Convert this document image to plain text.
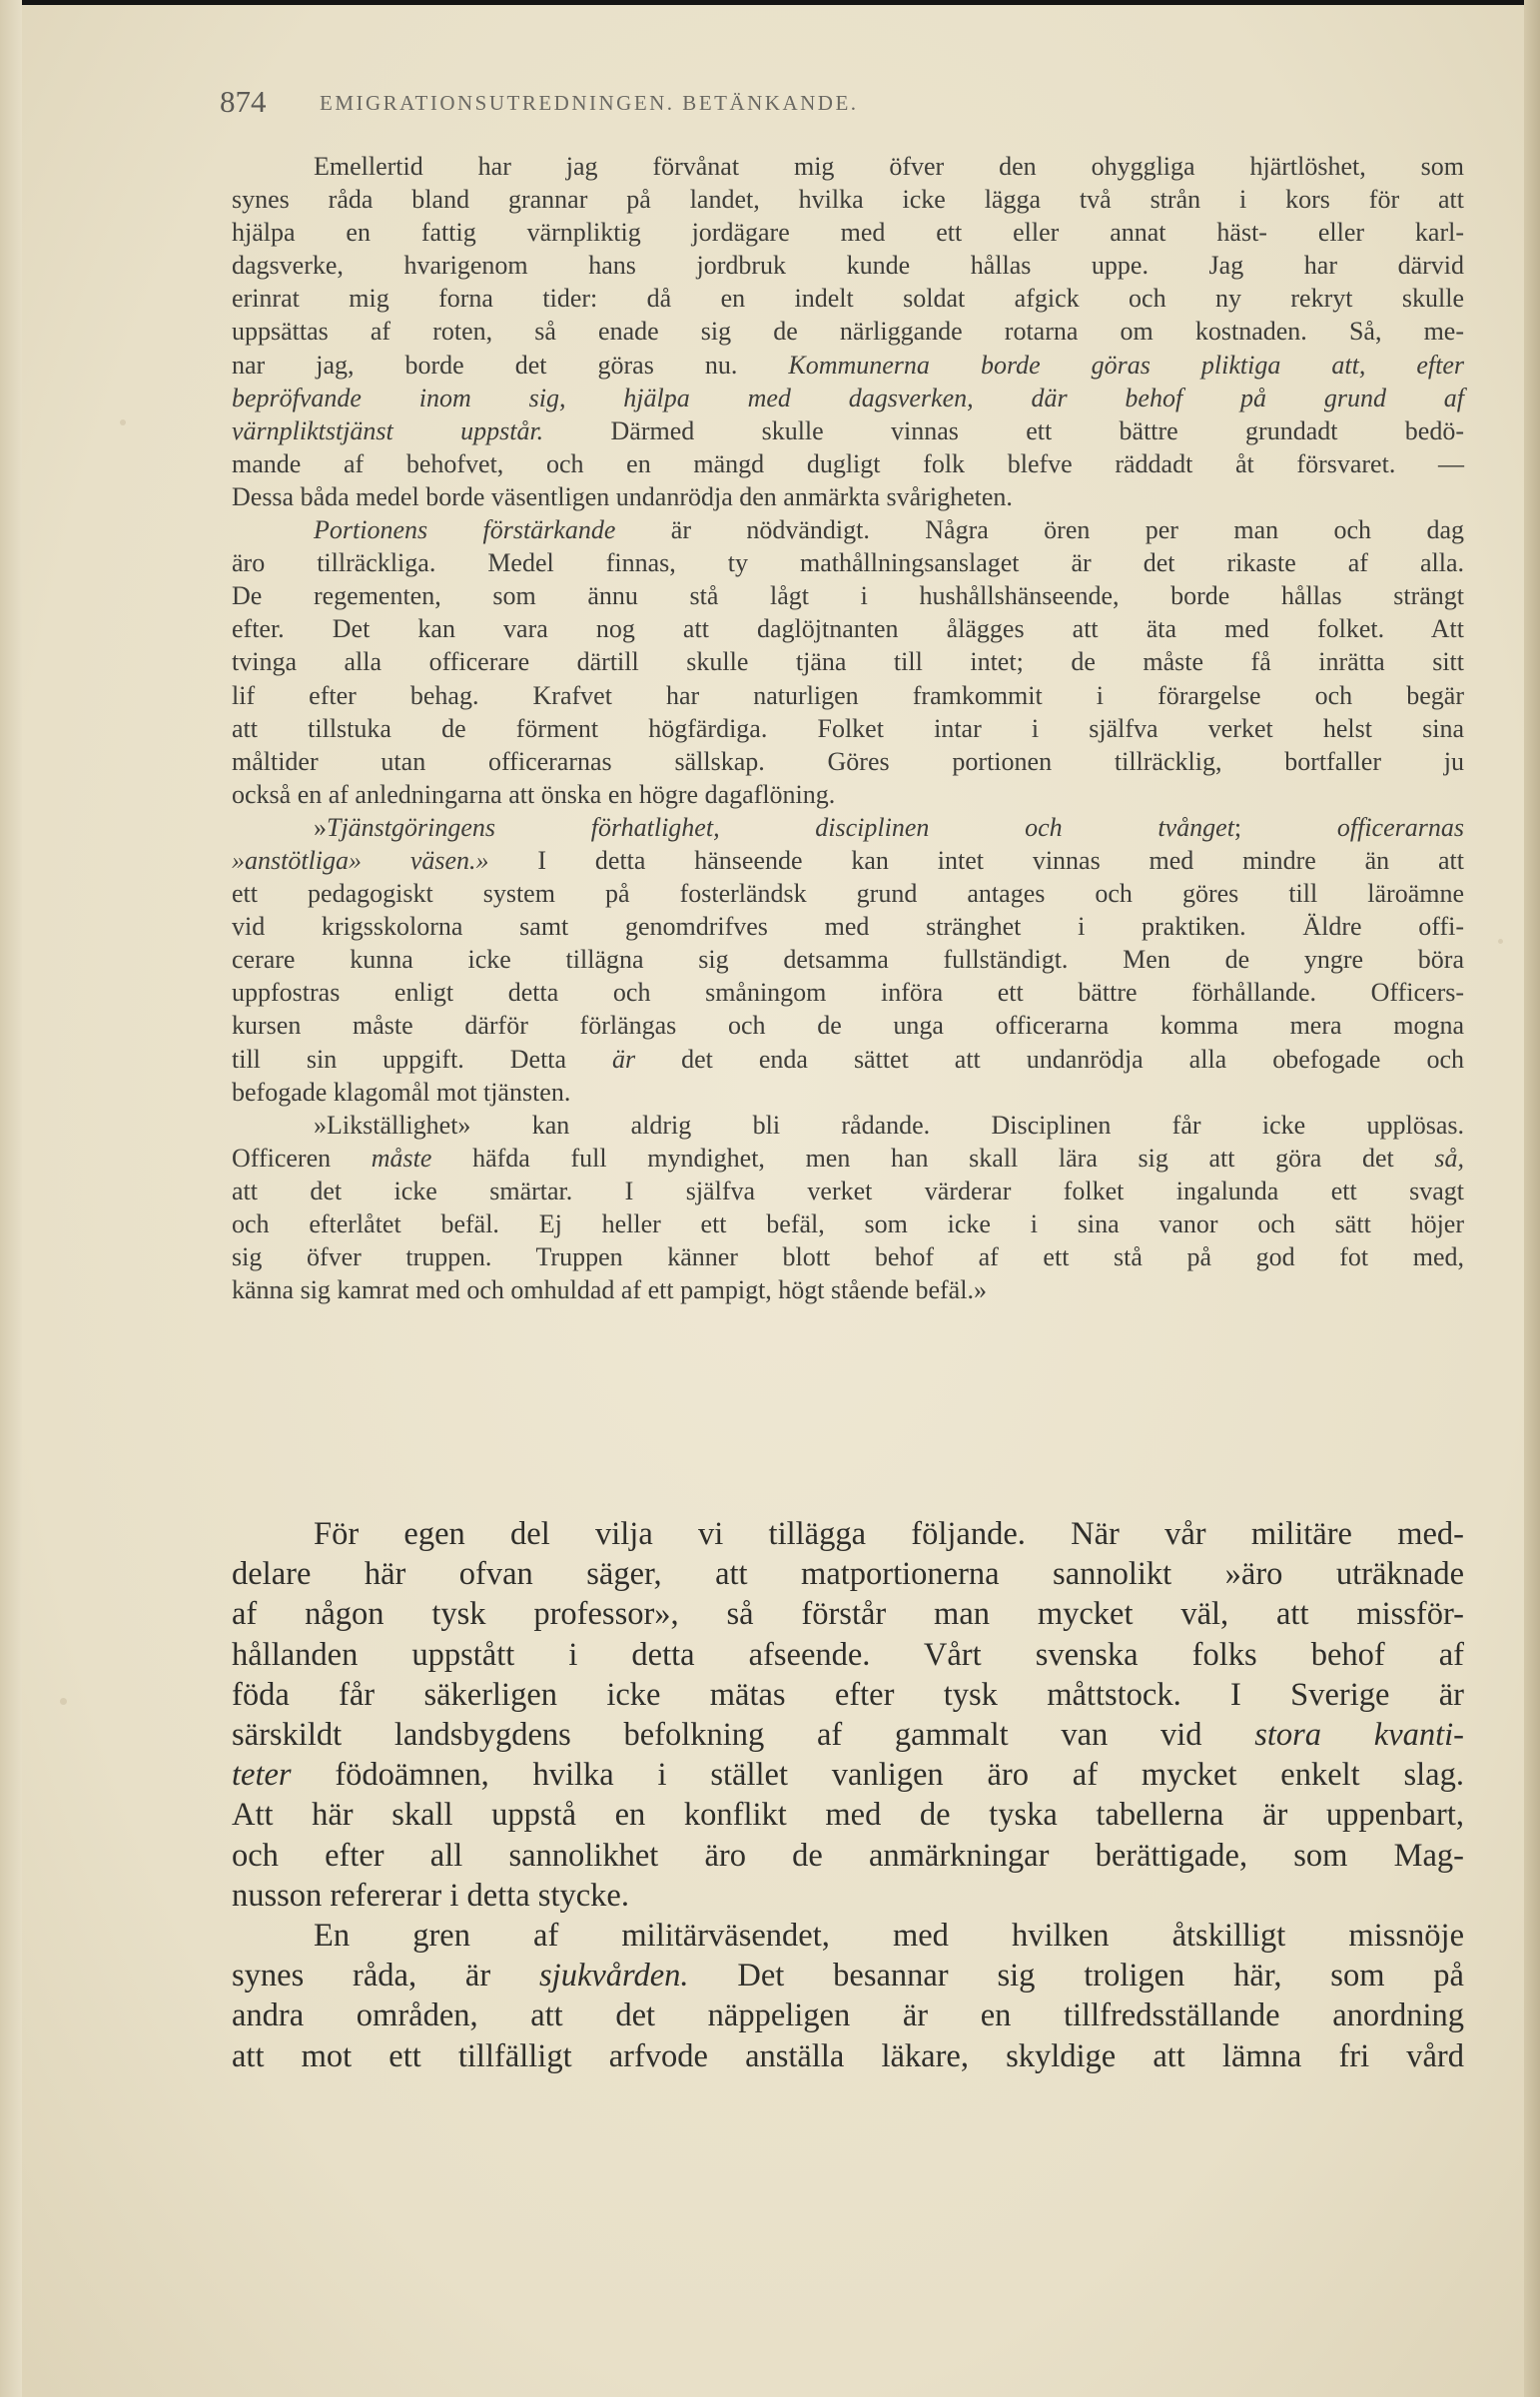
874	EMIGRATIONSUTREDNINGEN. BETÄNKANDE.
Emellertid har jag förvånat mig öfver den ohyggliga hjärtlöshet, som
synes råda bland grannar på landet, hvilka icke lägga två strån i kors för att
hjälpa en fattig värnpliktig jordägare med ett eller annat häst- eller karl-
dagsverke, hvarigenom hans jordbruk kunde hållas uppe. Jag har därvid
erinrat mig forna tider: då en indelt soldat afgick och ny rekryt skulle
uppsättas af roten, så enade sig de närliggande rotarna om kostnaden. Så, me-
nar jag, borde det göras nu. Kommunerna borde göras pliktiga att, efter
bepröfvande inom sig, hjälpa med dagsverken, där behof på grund af
värnpliktstjänst uppstår. Därmed skulle vinnas ett bättre grundadt bedö-
mande af behofvet, och en mängd dugligt folk blefve räddadt åt försvaret. —
Dessa båda medel borde väsentligen undanrödja den anmärkta svårigheten.
Portionens förstärkande är nödvändigt. Några ören per man och dag
äro tillräckliga. Medel finnas, ty mathållningsanslaget är det rikaste af alla.
De regementen, som ännu stå lågt i hushållshänseende, borde hållas strängt
efter. Det kan vara nog att daglöjtnanten ålägges att äta med folket. Att
tvinga alla officerare därtill skulle tjäna till intet; de måste få inrätta sitt
lif efter behag. Krafvet har naturligen framkommit i förargelse och begär
att tillstuka de förment högfärdiga. Folket intar i själfva verket helst sina
måltider utan officerarnas sällskap. Göres portionen tillräcklig, bortfaller ju
också en af anledningarna att önska en högre dagaflöning.
»Tjänstgöringens förhatlighet, disciplinen och tvånget; officerarnas
»anstötliga» väsen.» I detta hänseende kan intet vinnas med mindre än att
ett pedagogiskt system på fosterländsk grund antages och göres till läroämne
vid krigsskolorna samt genomdrifves med stränghet i praktiken. Äldre offi-
cerare kunna icke tillägna sig detsamma fullständigt. Men de yngre böra
uppfostras enligt detta och småningom införa ett bättre förhållande. Officers-
kursen måste därför förlängas och de unga officerarna komma mera mogna
till sin uppgift. Detta är det enda sättet att undanrödja alla obefogade och
befogade klagomål mot tjänsten.
»Likställighet» kan aldrig bli rådande. Disciplinen får icke upplösas.
Officeren måste häfda full myndighet, men han skall lära sig att göra det så,
att det icke smärtar. I själfva verket värderar folket ingalunda ett svagt
och efterlåtet befäl. Ej heller ett befäl, som icke i sina vanor och sätt höjer
sig öfver truppen. Truppen känner blott behof af ett stå på god fot med,
känna sig kamrat med och omhuldad af ett pampigt, högt stående befäl.»
För egen del vilja vi tillägga följande. När vår militäre med-
delare här ofvan säger, att matportionerna sannolikt »äro uträknade
af någon tysk professor», så förstår man mycket väl, att missför-
hållanden uppstått i detta afseende. Vårt svenska folks behof af
föda får säkerligen icke mätas efter tysk måttstock. I Sverige är
särskildt landsbygdens befolkning af gammalt van vid stora kvanti-
teter födoämnen, hvilka i stället vanligen äro af mycket enkelt slag.
Att här skall uppstå en konflikt med de tyska tabellerna är uppenbart,
och efter all sannolikhet äro de anmärkningar berättigade, som Mag-
nusson refererar i detta stycke.
En gren af militärväsendet, med hvilken åtskilligt missnöje
synes råda, är sjukvården. Det besannar sig troligen här, som på
andra områden, att det näppeligen är en tillfredsställande anordning
att mot ett tillfälligt arfvode anställa läkare, skyldige att lämna fri vård
